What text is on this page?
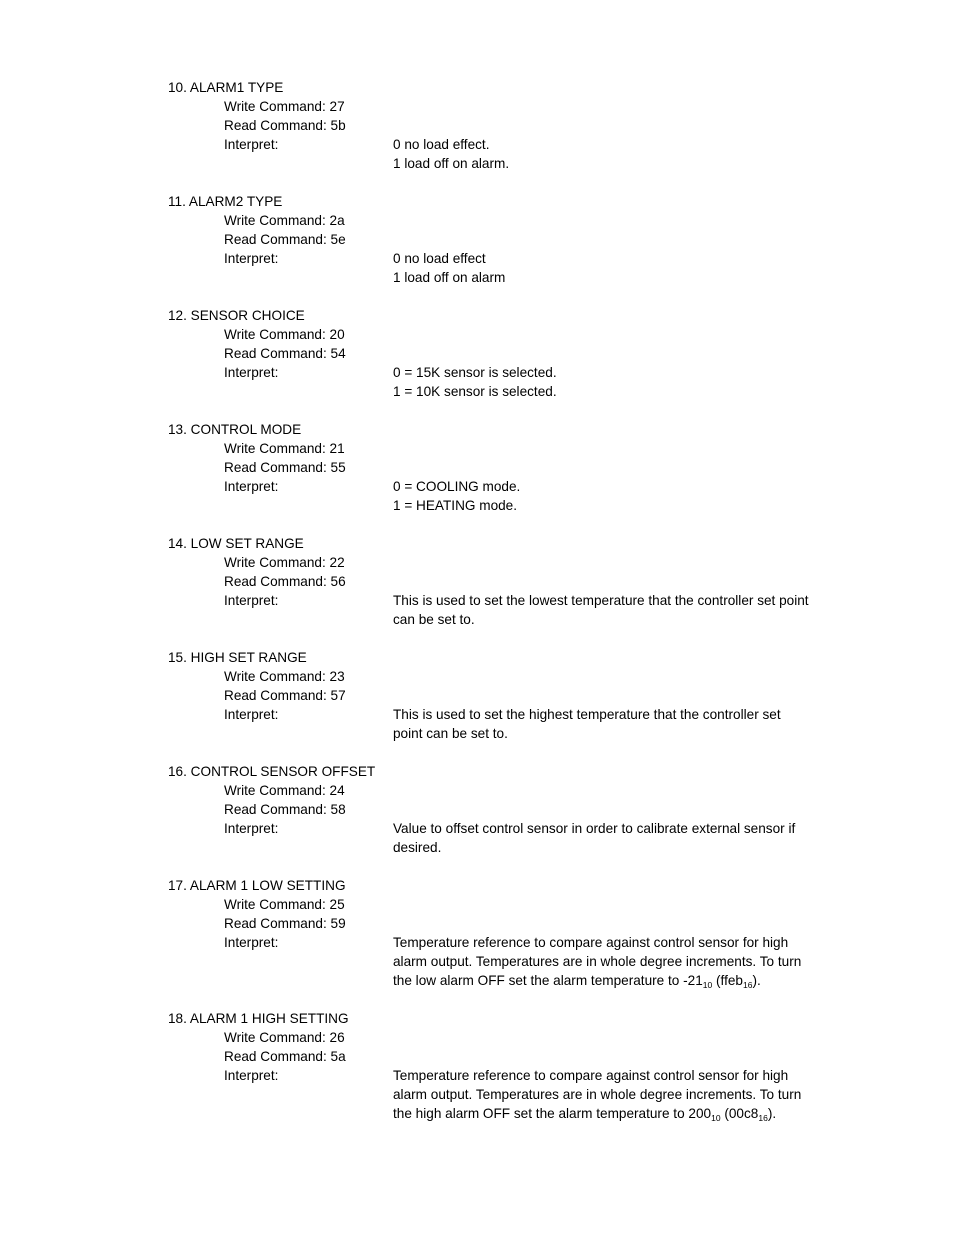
10. ALARM1 TYPE
Write Command: 27
Read Command: 5b
Interpret:	0 no load effect.
1 load off on alarm.
11. ALARM2 TYPE
Write Command: 2a
Read Command: 5e
Interpret:	0 no load effect
1 load off on alarm
12. SENSOR CHOICE
Write Command: 20
Read Command: 54
Interpret:	0 = 15K sensor is selected.
1 = 10K sensor is selected.
13. CONTROL MODE
Write Command: 21
Read Command: 55
Interpret:	0 = COOLING mode.
1 = HEATING mode.
14. LOW SET RANGE
Write Command: 22
Read Command: 56
Interpret:	This is used to set the lowest temperature that the controller set point
can be set to.
15. HIGH SET RANGE
Write Command: 23
Read Command: 57
Interpret:	This is used to set the highest temperature that the controller set
point can be set to.
16. CONTROL SENSOR OFFSET
Write Command: 24
Read Command: 58
Interpret:	Value to offset control sensor in order to calibrate external sensor if
desired.
17. ALARM 1 LOW SETTING
Write Command: 25
Read Command: 59
Interpret:	Temperature reference to compare against control sensor for high
alarm output. Temperatures are in whole degree increments. To turn
the low alarm OFF set the alarm temperature to $-21_{10}$ (ffeb$_{16}$).
18. ALARM 1 HIGH SETTING
Write Command: 26
Read Command: 5a
Interpret:	Temperature reference to compare against control sensor for high
alarm output. Temperatures are in whole degree increments. To turn
the high alarm OFF set the alarm temperature to $200_{10}$ $(00c8_{16})$.
